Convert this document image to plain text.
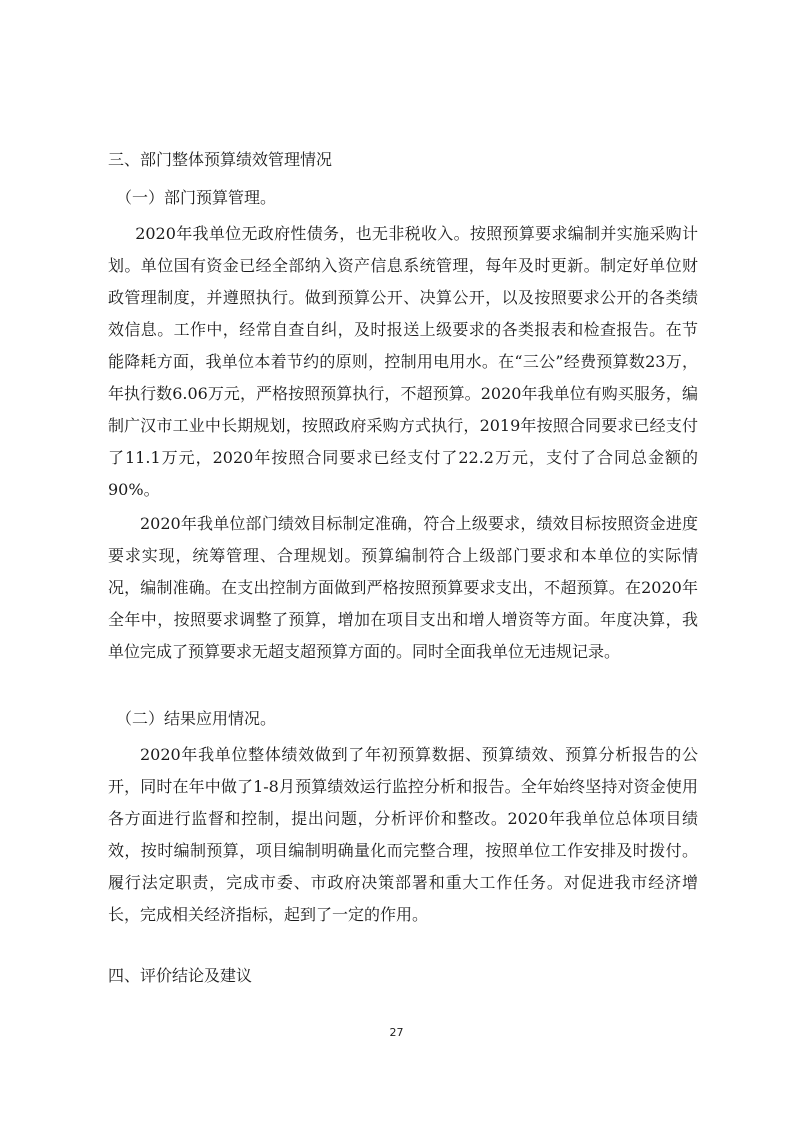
三、部门整体预算绩效管理情况
（一）部门预算管理。

2020年我单位无政府性债务，也无非税收入。按照预算要求编制并实施采购计划。单位国有资金已经全部纳入资产信息系统管理，每年及时更新。制定好单位财政管理制度，并遵照执行。做到预算公开、决算公开，以及按照要求公开的各类绩效信息。工作中，经常自查自纠，及时报送上级要求的各类报表和检查报告。在节能降耗方面，我单位本着节约的原则，控制用电用水。在“三公”经费预算数23万，年执行数6.06万元，严格按照预算执行，不超预算。2020年我单位有购买服务，编制广汉市工业中长期规划，按照政府采购方式执行，2019年按照合同要求已经支付了11.1万元，2020年按照合同要求已经支付了22.2万元，支付了合同总金额的90%。

2020年我单位部门绩效目标制定准确，符合上级要求，绩效目标按照资金进度要求实现，统筹管理、合理规划。预算编制符合上级部门要求和本单位的实际情况，编制准确。在支出控制方面做到严格按照预算要求支出，不超预算。在2020年全年中，按照要求调整了预算，增加在项目支出和增人增资等方面。年度决算，我单位完成了预算要求无超支超预算方面的。同时全面我单位无违规记录。

（二）结果应用情况。

2020年我单位整体绩效做到了年初预算数据、预算绩效、预算分析报告的公开，同时在年中做了1-8月预算绩效运行监控分析和报告。全年始终坚持对资金使用各方面进行监督和控制，提出问题，分析评价和整改。2020年我单位总体项目绩效，按时编制预算，项目编制明确量化而完整合理，按照单位工作安排及时拨付。履行法定职责，完成市委、市政府决策部署和重大工作任务。对促进我市经济增长，完成相关经济指标，起到了一定的作用。

四、评价结论及建议
27
